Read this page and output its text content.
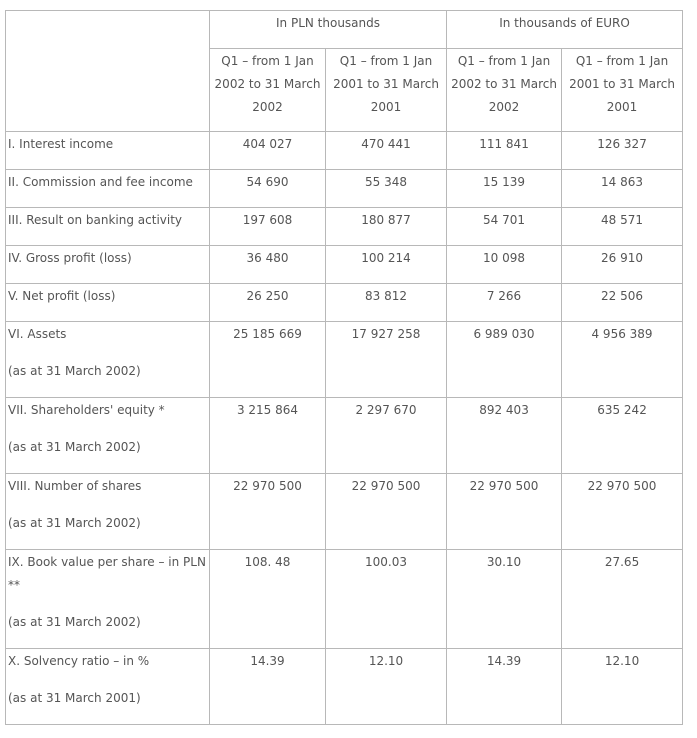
	In PLN thousands		In thousands of EURO	
	Q1 – from 1 Jan 2002 to 31 March 2002	Q1 – from 1 Jan 2001 to 31 March 2001	Q1 – from 1 Jan 2002 to 31 March 2002	Q1 – from 1 Jan 2001 to 31 March 2001
I. Interest income	404 027	470 441	111 841	126 327
II. Commission and fee income	54 690	55 348	15 139	14 863
III. Result on banking activity	197 608	180 877	54 701	48 571
IV. Gross profit (loss)	36 480	100 214	10 098	26 910
V. Net profit (loss)	26 250	83 812	7 266	22 506
VI. Assets
(as at 31 March 2002)	25 185 669	17 927 258	6 989 030	4 956 389
VII. Shareholders' equity *
(as at 31 March 2002)	3 215 864	2 297 670	892 403	635 242
VIII. Number of shares
(as at 31 March 2002)	22 970 500	22 970 500	22 970 500	22 970 500
IX. Book value per share – in PLN **
(as at 31 March 2002)	108. 48	100.03	30.10	27.65
X. Solvency ratio – in %
(as at 31 March 2001)	14.39	12.10	14.39	12.10
